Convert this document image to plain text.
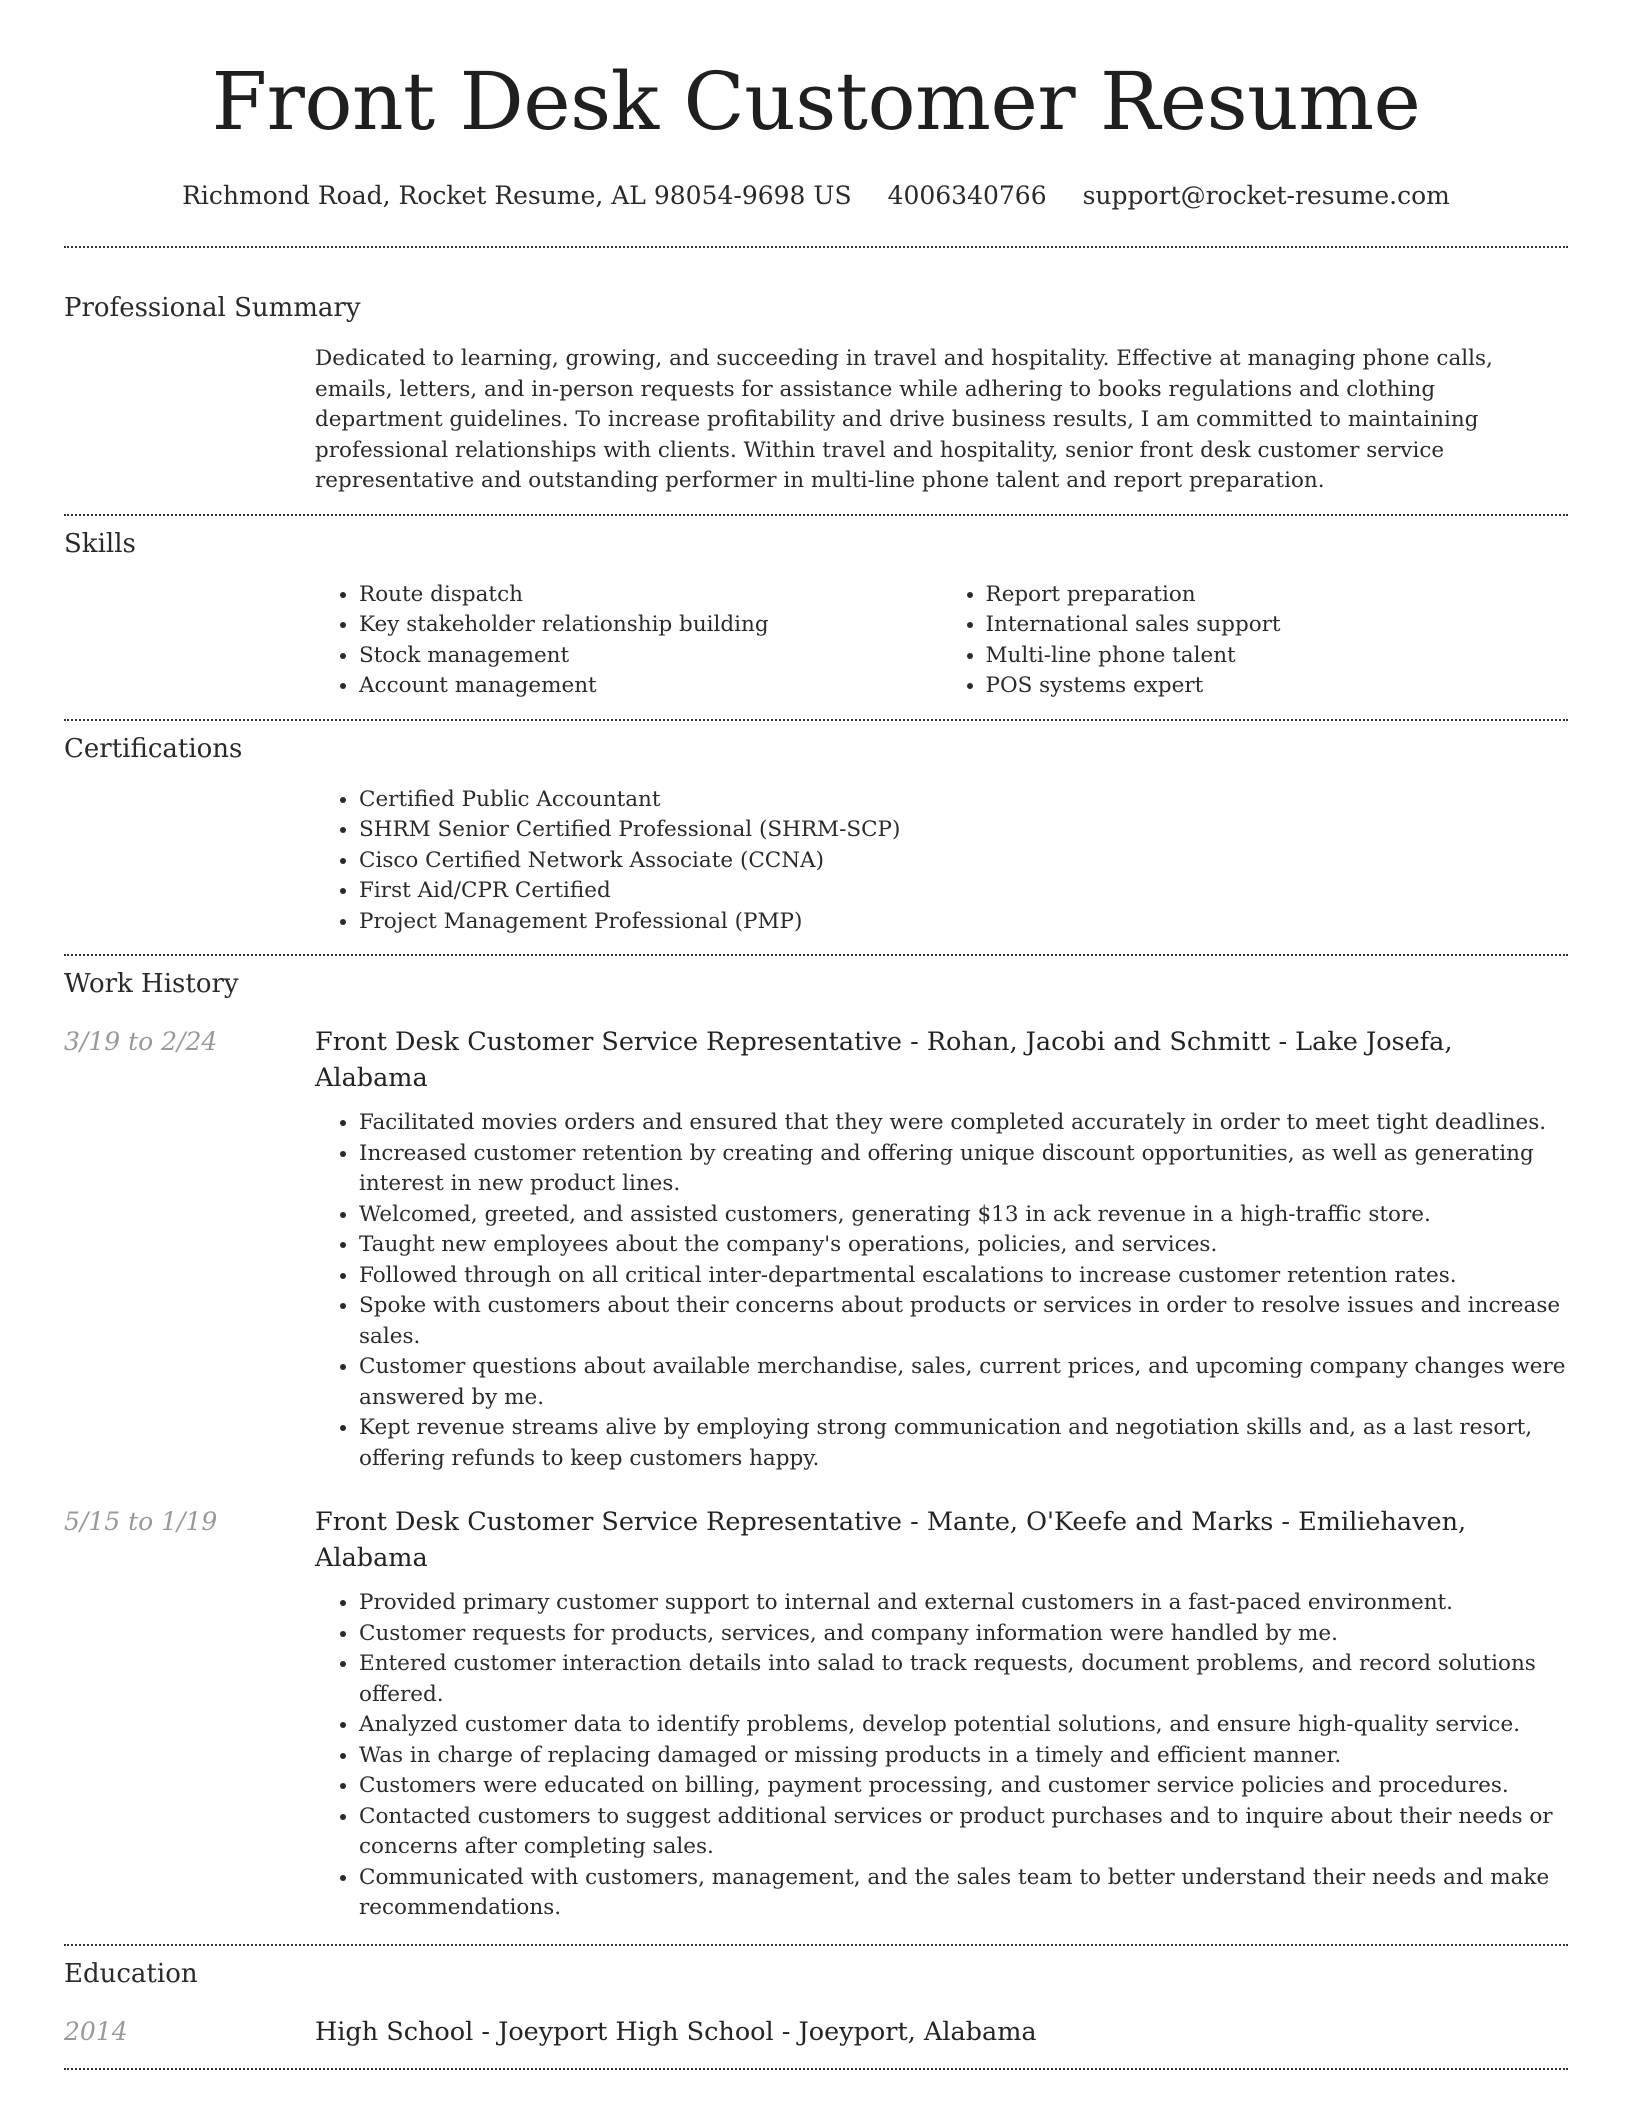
Front Desk Customer Resume
Richmond Road, Rocket Resume, AL 98054-9698 US 4006340766 support@rocket-resume.com
Professional Summary

Dedicated to learning, growing, and succeeding in travel and hospitality. Effective at managing phone calls, emails, letters, and in-person requests for assistance while adhering to books regulations and clothing department guidelines. To increase profitability and drive business results, I am committed to maintaining professional relationships with clients. Within travel and hospitality, senior front desk customer service representative and outstanding performer in multi-line phone talent and report preparation.

Skills
• Route dispatch
• Key stakeholder relationship building
• Stock management
• Account management
• Report preparation
• International sales support
• Multi-line phone talent
• POS systems expert
Certifications
• Certified Public Accountant
• SHRM Senior Certified Professional (SHRM-SCP)
• Cisco Certified Network Associate (CCNA)
• First Aid/CPR Certified
• Project Management Professional (PMP)
Work History
3/19 to 2/24	Front Desk Customer Service Representative - Rohan, Jacobi and Schmitt - Lake Josefa, Alabama
• Facilitated movies orders and ensured that they were completed accurately in order to meet tight deadlines.
• Increased customer retention by creating and offering unique discount opportunities, as well as generating interest in new product lines.
• Welcomed, greeted, and assisted customers, generating $13 in ack revenue in a high-traffic store.
• Taught new employees about the company's operations, policies, and services.
• Followed through on all critical inter-departmental escalations to increase customer retention rates.
• Spoke with customers about their concerns about products or services in order to resolve issues and increase sales.
• Customer questions about available merchandise, sales, current prices, and upcoming company changes were answered by me.
• Kept revenue streams alive by employing strong communication and negotiation skills and, as a last resort, offering refunds to keep customers happy.
5/15 to 1/19	Front Desk Customer Service Representative - Mante, O'Keefe and Marks - Emiliehaven, Alabama
• Provided primary customer support to internal and external customers in a fast-paced environment.
• Customer requests for products, services, and company information were handled by me.
• Entered customer interaction details into salad to track requests, document problems, and record solutions offered.
• Analyzed customer data to identify problems, develop potential solutions, and ensure high-quality service.
• Was in charge of replacing damaged or missing products in a timely and efficient manner.
• Customers were educated on billing, payment processing, and customer service policies and procedures.
• Contacted customers to suggest additional services or product purchases and to inquire about their needs or concerns after completing sales.
• Communicated with customers, management, and the sales team to better understand their needs and make recommendations.
Education
2014	High School - Joeyport High School - Joeyport, Alabama
